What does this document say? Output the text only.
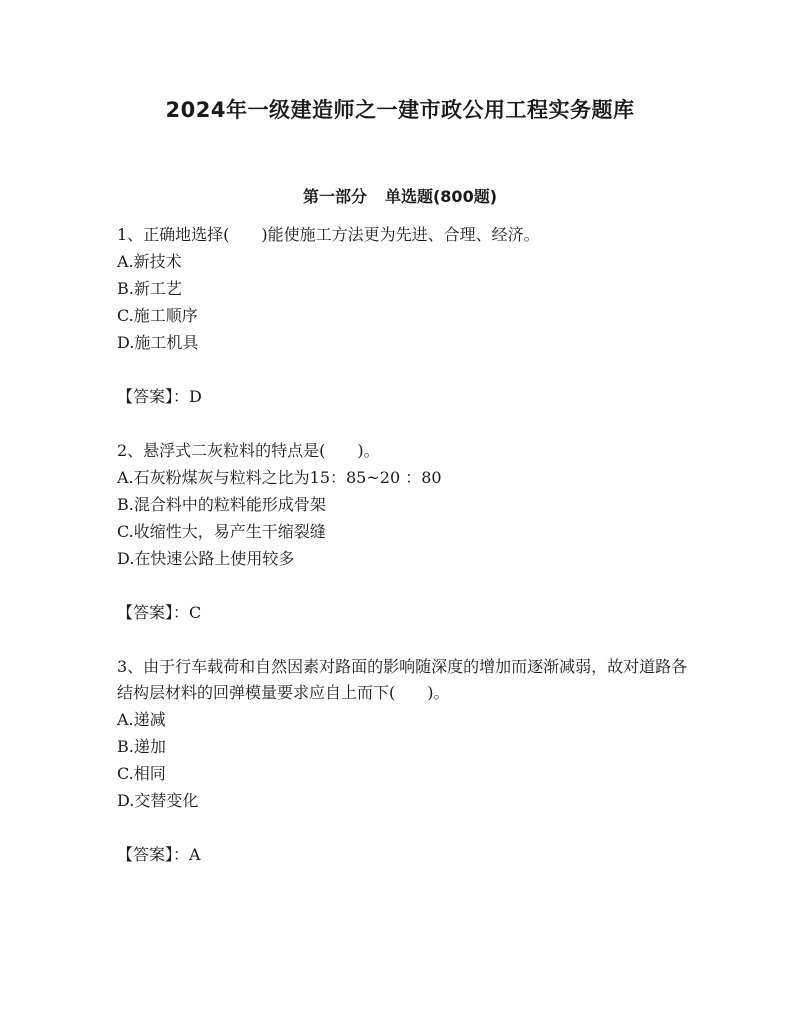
2024年一级建造师之一建市政公用工程实务题库
第一部分 单选题(800题)

1、正确地选择(　　)能使施工方法更为先进、合理、经济。

A.新技术

B.新工艺

C.施工顺序

D.施工机具

【答案】：D

2、悬浮式二灰粒料的特点是(　　)。

A.石灰粉煤灰与粒料之比为15：85~20 ：80

B.混合料中的粒料能形成骨架

C.收缩性大，易产生干缩裂缝

D.在快速公路上使用较多

【答案】：C

3、由于行车载荷和自然因素对路面的影响随深度的增加而逐渐减弱，故对道路各结构层材料的回弹模量要求应自上而下(　　)。

A.递减

B.递加

C.相同

D.交替变化

【答案】：A
